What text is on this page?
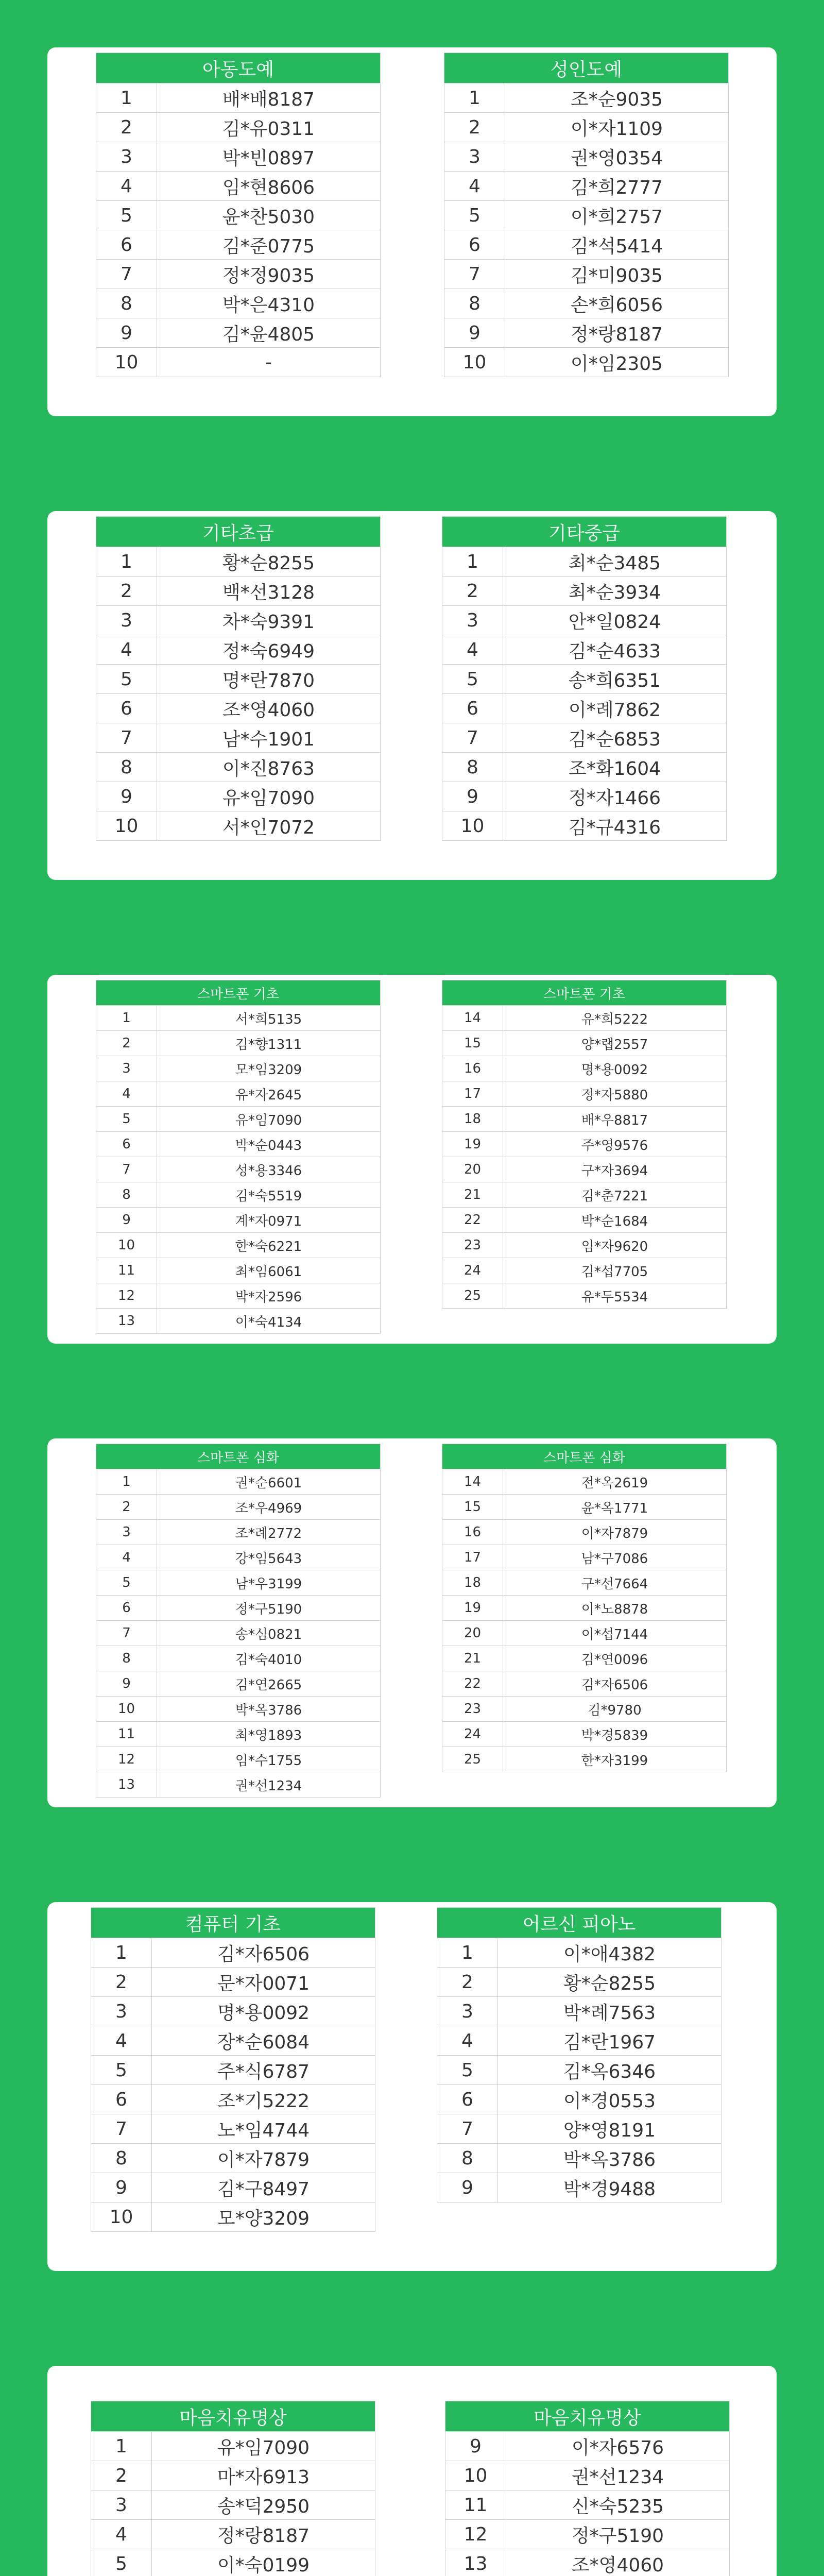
아동도예	
1	배*배8187
2	김*유0311
3	박*빈0897
4	임*현8606
5	윤*찬5030
6	김*준0775
7	정*정9035
8	박*은4310
9	김*윤4805
10	-
성인도예	
1	조*순9035
2	이*자1109
3	권*영0354
4	김*희2777
5	이*희2757
6	김*석5414
7	김*미9035
8	손*희6056
9	정*랑8187
10	이*임2305
기타초급	
1	황*순8255
2	백*선3128
3	차*숙9391
4	정*숙6949
5	명*란7870
6	조*영4060
7	남*수1901
8	이*진8763
9	유*임7090
10	서*인7072
기타중급	
1	최*순3485
2	최*순3934
3	안*일0824
4	김*순4633
5	송*희6351
6	이*례7862
7	김*순6853
8	조*화1604
9	정*자1466
10	김*규4316
스마트폰 기초	
1	서*희5135
2	김*향1311
3	모*임3209
4	유*자2645
5	유*임7090
6	박*순0443
7	성*용3346
8	김*숙5519
9	계*자0971
10	한*숙6221
11	최*임6061
12	박*자2596
13	이*숙4134
스마트폰 기초	
14	유*희5222
15	양*랩2557
16	명*용0092
17	정*자5880
18	배*우8817
19	주*영9576
20	구*자3694
21	김*춘7221
22	박*순1684
23	임*자9620
24	김*섭7705
25	유*두5534
스마트폰 심화	
1	권*순6601
2	조*우4969
3	조*례2772
4	강*임5643
5	남*우3199
6	정*구5190
7	송*심0821
8	김*숙4010
9	김*연2665
10	박*옥3786
11	최*영1893
12	임*수1755
13	권*선1234
스마트폰 심화	
14	전*옥2619
15	윤*옥1771
16	이*자7879
17	남*구7086
18	구*선7664
19	이*노8878
20	이*섭7144
21	김*연0096
22	김*자6506
23	김*9780
24	박*경5839
25	한*자3199
컴퓨터 기초	
1	김*자6506
2	문*자0071
3	명*용0092
4	장*순6084
5	주*식6787
6	조*기5222
7	노*임4744
8	이*자7879
9	김*구8497
10	모*양3209
어르신 피아노	
1	이*애4382
2	황*순8255
3	박*례7563
4	김*란1967
5	김*옥6346
6	이*경0553
7	양*영8191
8	박*옥3786
9	박*경9488
마음치유명상	
1	유*임7090
2	마*자6913
3	송*덕2950
4	정*랑8187
5	이*숙0199

마음치유명상	
9	이*자6576
10	권*선1234
11	신*숙5235
12	정*구5190
13	조*영4060
